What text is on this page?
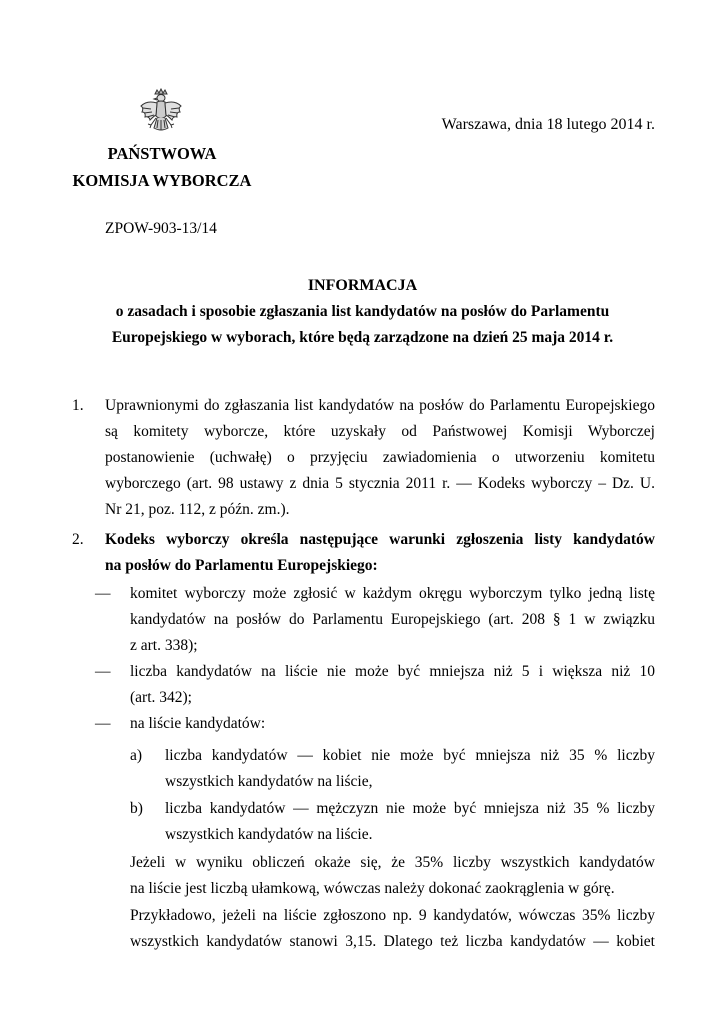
Warszawa, dnia 18 lutego 2014 r.
PAŃSTWOWA
KOMISJA WYBORCZA
ZPOW-903-13/14
INFORMACJA
o zasadach i sposobie zgłaszania list kandydatów na posłów do Parlamentu
Europejskiego w wyborach, które będą zarządzone na dzień 25 maja 2014 r.
1. Uprawnionymi do zgłaszania list kandydatów na posłów do Parlamentu Europejskiego
są komitety wyborcze, które uzyskały od Państwowej Komisji Wyborczej
postanowienie (uchwałę) o przyjęciu zawiadomienia o utworzeniu komitetu
wyborczego (art. 98 ustawy z dnia 5 stycznia 2011 r. — Kodeks wyborczy – Dz. U.
Nr 21, poz. 112, z późn. zm.).
2. Kodeks wyborczy określa następujące warunki zgłoszenia listy kandydatów
na posłów do Parlamentu Europejskiego:
— komitet wyborczy może zgłosić w każdym okręgu wyborczym tylko jedną listę
kandydatów na posłów do Parlamentu Europejskiego (art. 208 § 1 w związku
z art. 338);
— liczba kandydatów na liście nie może być mniejsza niż 5 i większa niż 10
(art. 342);
— na liście kandydatów:
a) liczba kandydatów — kobiet nie może być mniejsza niż 35 % liczby
wszystkich kandydatów na liście,
b) liczba kandydatów — mężczyzn nie może być mniejsza niż 35 % liczby
wszystkich kandydatów na liście.
Jeżeli w wyniku obliczeń okaże się, że 35% liczby wszystkich kandydatów
na liście jest liczbą ułamkową, wówczas należy dokonać zaokrąglenia w górę.
Przykładowo, jeżeli na liście zgłoszono np. 9 kandydatów, wówczas 35% liczby
wszystkich kandydatów stanowi 3,15. Dlatego też liczba kandydatów — kobiet
